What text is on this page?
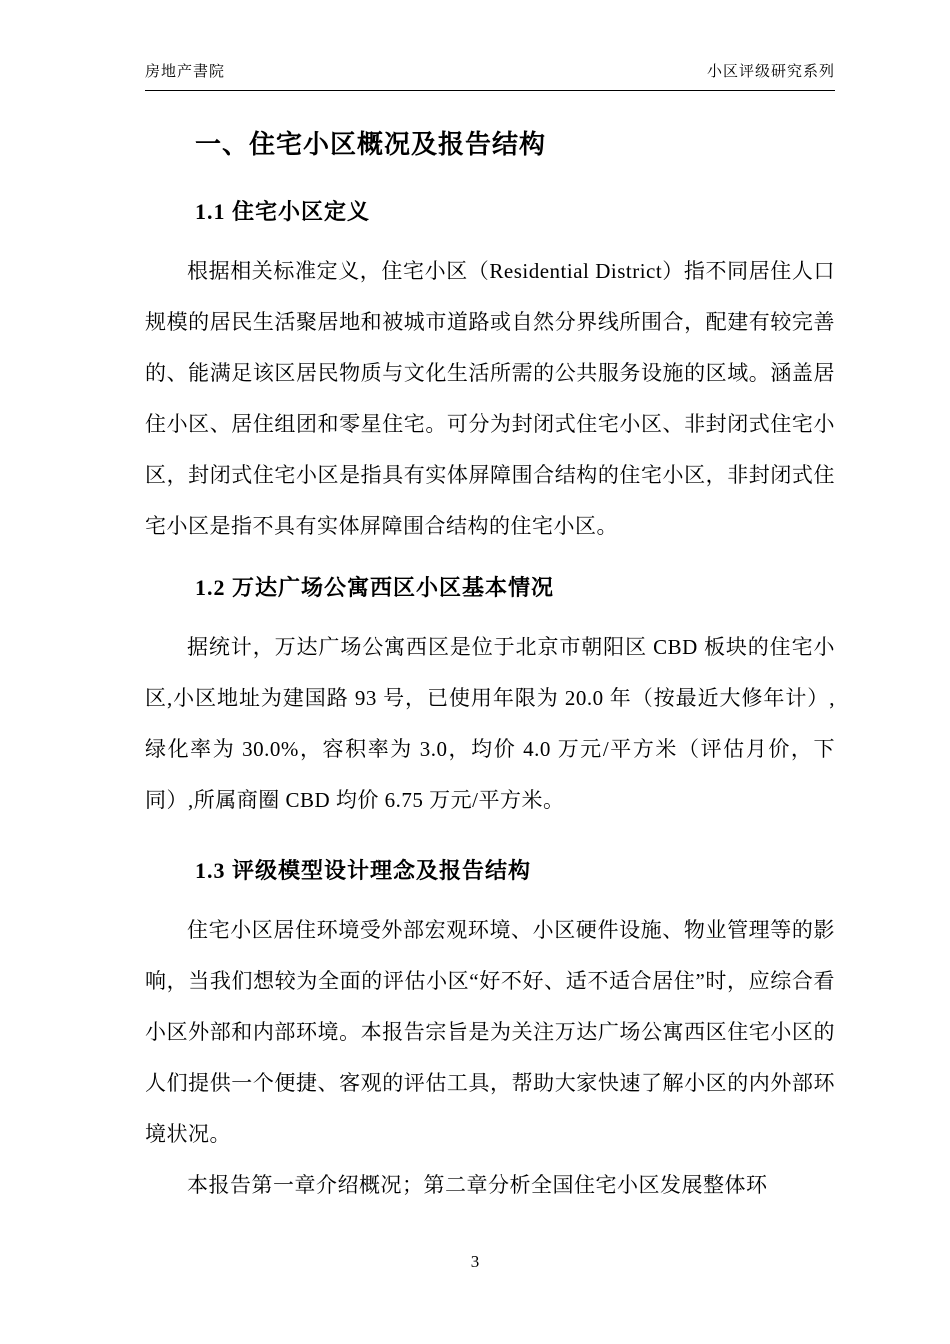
房地产書院	小区评级研究系列
一、住宅小区概况及报告结构
1.1 住宅小区定义

根据相关标准定义，住宅小区（Residential District）指不同居住人口规模的居民生活聚居地和被城市道路或自然分界线所围合，配建有较完善的、能满足该区居民物质与文化生活所需的公共服务设施的区域。涵盖居住小区、居住组团和零星住宅。可分为封闭式住宅小区、非封闭式住宅小区，封闭式住宅小区是指具有实体屏障围合结构的住宅小区，非封闭式住宅小区是指不具有实体屏障围合结构的住宅小区。

1.2 万达广场公寓西区小区基本情况

据统计，万达广场公寓西区是位于北京市朝阳区 CBD 板块的住宅小区,小区地址为建国路 93 号，已使用年限为 20.0 年（按最近大修年计）,绿化率为 30.0%，容积率为 3.0，均价 4.0 万元/平方米（评估月价，下同）,所属商圈 CBD 均价 6.75 万元/平方米。

1.3 评级模型设计理念及报告结构

住宅小区居住环境受外部宏观环境、小区硬件设施、物业管理等的影响，当我们想较为全面的评估小区“好不好、适不适合居住”时，应综合看小区外部和内部环境。本报告宗旨是为关注万达广场公寓西区住宅小区的人们提供一个便捷、客观的评估工具，帮助大家快速了解小区的内外部环境状况。

本报告第一章介绍概况；第二章分析全国住宅小区发展整体环

3
